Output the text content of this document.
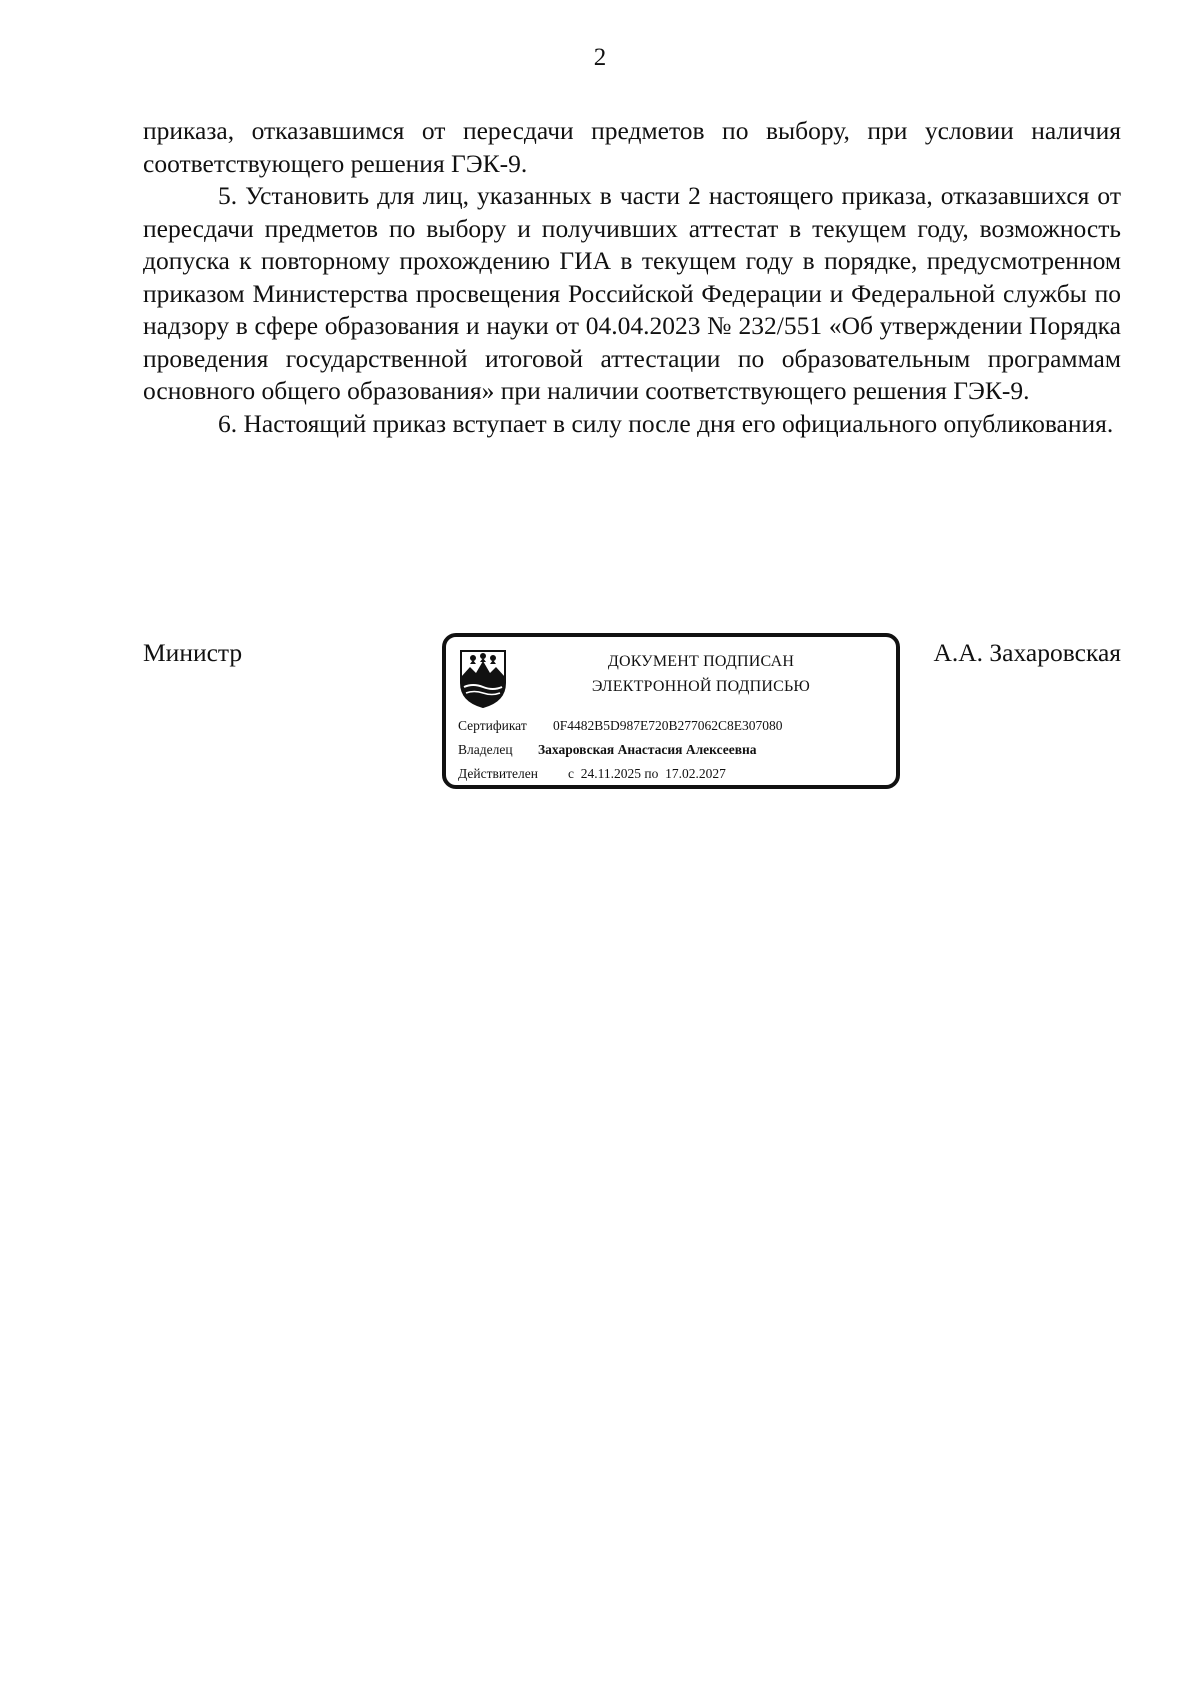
2

приказа, отказавшимся от пересдачи предметов по выбору, при условии наличия соответствующего решения ГЭК-9.

5. Установить для лиц, указанных в части 2 настоящего приказа, отказавшихся от пересдачи предметов по выбору и получивших аттестат в текущем году, возможность допуска к повторному прохождению ГИА в текущем году в порядке, предусмотренном приказом Министерства просвещения Российской Федерации и Федеральной службы по надзору в сфере образования и науки от 04.04.2023 № 232/551 «Об утверждении Порядка проведения государственной итоговой аттестации по образовательным программам основного общего образования» при наличии соответствующего решения ГЭК-9.

6. Настоящий приказ вступает в силу после дня его официального опубликования.

Министр	ДОКУМЕНТ ПОДПИСАН
ЭЛЕКТРОННОЙ ПОДПИСЬЮ
Сертификат 0F4482B5D987E720B277062C8E307080
Владелец Захаровская Анастасия Алексеевна
Действителен с  24.11.2025 по  17.02.2027
А.А. Захаровская
